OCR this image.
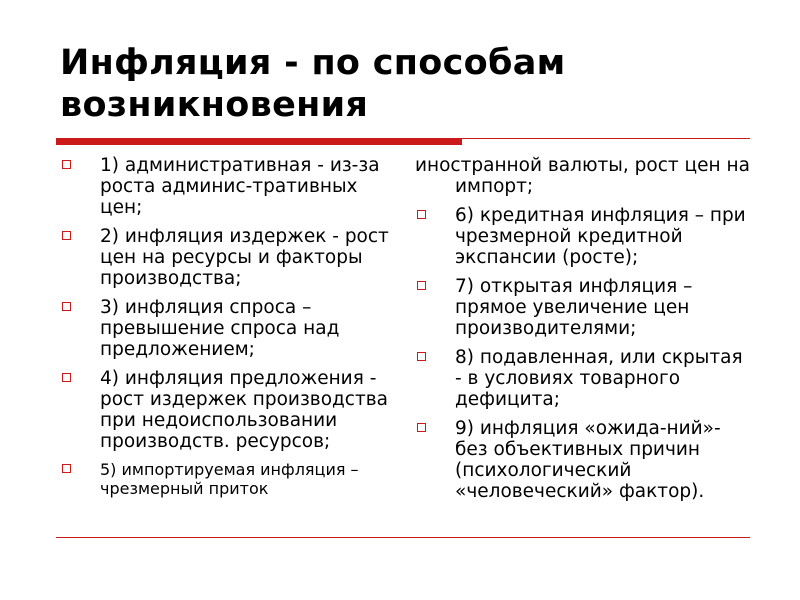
Инфляция - по способам возникновения
1) административная - из-за роста админис-тративных цен;
2) инфляция издержек - рост цен на ресурсы и факторы производства;
3) инфляция спроса – превышение спроса над предложением;
4) инфляция предложения - рост издержек производства при недоиспользовании производств. ресурсов;
5) импортируемая инфляция – чрезмерный приток
иностранной валюты, рост цен на импорт;
6) кредитная инфляция – при чрезмерной кредитной экспансии (росте);
7) открытая инфляция – прямое увеличение цен производителями;
8) подавленная, или скрытая - в условиях товарного дефицита;
9) инфляция «ожида-ний»- без объективных причин (психологический «человеческий» фактор).
